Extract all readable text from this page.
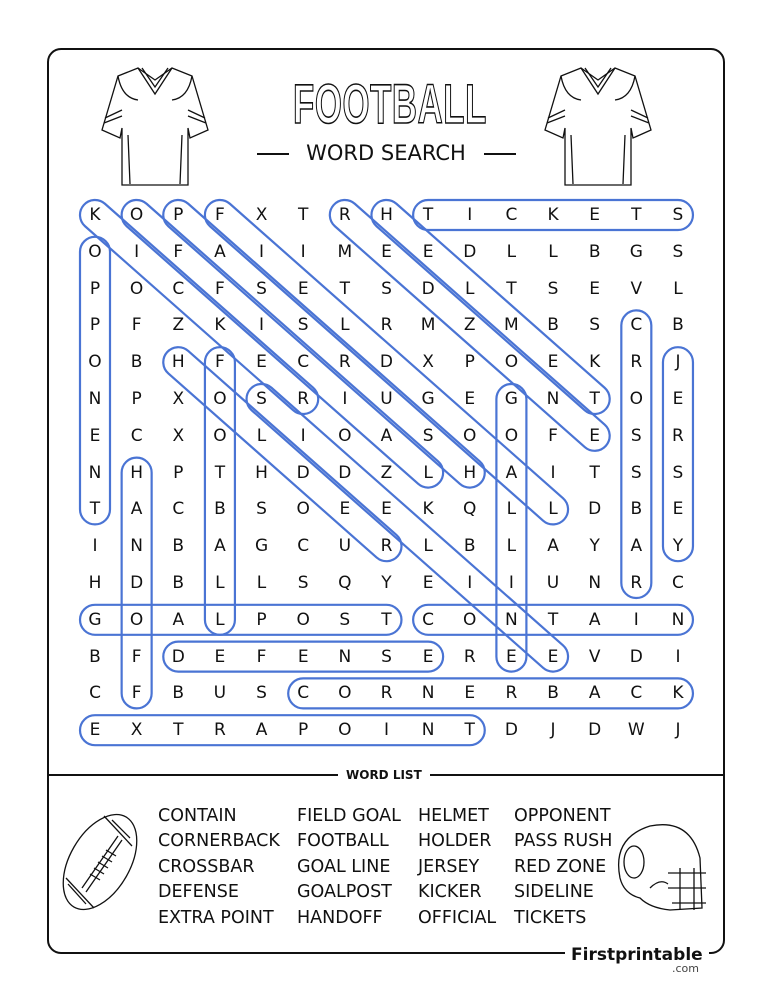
FOOTBALL
WORD SEARCH
K	O	P	F	X	T	R	H	T	I	C	K	E	T	S
O	I	F	A	I	I	M	E	E	D	L	L	B	G	S
P	O	C	F	S	E	T	S	D	L	T	S	E	V	L
P	F	Z	K	I	S	L	R	M	Z	M	B	S	C	B
O	B	H	F	E	C	R	D	X	P	O	E	K	R	J
N	P	X	O	S	R	I	U	G	E	G	N	T	O	E
E	C	X	O	L	I	O	A	S	O	O	F	E	S	R
N	H	P	T	H	D	D	Z	L	H	A	I	T	S	S
T	A	C	B	S	O	E	E	K	Q	L	L	D	B	E
I	N	B	A	G	C	U	R	L	B	L	A	Y	A	Y
H	D	B	L	L	S	Q	Y	E	I	I	U	N	R	C
G	O	A	L	P	O	S	T	C	O	N	T	A	I	N
B	F	D	E	F	E	N	S	E	R	E	E	V	D	I
C	F	B	U	S	C	O	R	N	E	R	B	A	C	K
E	X	T	R	A	P	O	I	N	T	D	J	D	W	J
WORD LIST
CONTAIN
CORNERBACK
CROSSBAR
DEFENSE
EXTRA POINT
FIELD GOAL
FOOTBALL
GOAL LINE
GOALPOST
HANDOFF
HELMET
HOLDER
JERSEY
KICKER
OFFICIAL
OPPONENT
PASS RUSH
RED ZONE
SIDELINE
TICKETS
Firstprintable
.com
